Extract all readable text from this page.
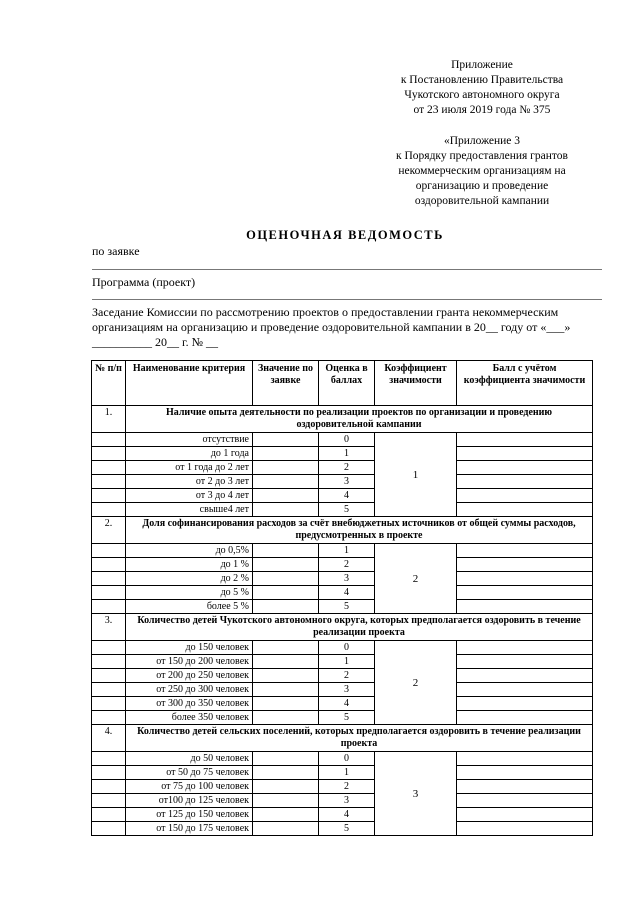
Приложение
к Постановлению Правительства
Чукотского автономного округа
от 23 июля 2019 года № 375
«Приложение 3
к Порядку предоставления грантов
некоммерческим организациям на
организацию и проведение
оздоровительной кампании
ОЦЕНОЧНАЯ ВЕДОМОСТЬ
по заявке
Программа (проект)
Заседание Комиссии по рассмотрению проектов о предоставлении гранта некоммерческим организациям на организацию и проведение оздоровительной кампании в 20__ году от «___» __________ 20__ г. № __
№ п/п	Наименование критерия	Значение по заявке	Оценка в баллах	Коэффициент значимости	Балл с учётом коэффициента значимости
1.	Наличие опыта деятельности по реализации проектов по организации и проведению оздоровительной кампании				
	отсутствие		0	1	
	до 1 года		1		
	от 1 года до 2 лет		2		
	от 2 до 3 лет		3		
	от 3 до 4 лет		4		
	свыше4 лет		5		
2.	Доля софинансирования расходов за счёт внебюджетных источников от общей суммы расходов, предусмотренных в проекте				
	до 0,5%		1	2	
	до 1 %		2		
	до 2 %		3		
	до 5 %		4		
	более 5 %		5		
3.	Количество детей Чукотского автономного округа, которых предполагается оздоровить в течение реализации проекта				
	до 150 человек		0	2	
	от 150 до 200 человек		1		
	от 200 до 250 человек		2		
	от 250 до 300 человек		3		
	от 300 до 350 человек		4		
	более 350 человек		5		
4.	Количество детей сельских поселений, которых предполагается оздоровить в течение реализации проекта				
	до 50 человек		0	3	
	от 50 до 75 человек		1		
	от 75 до 100 человек		2		
	от100 до 125 человек		3		
	от 125 до 150 человек		4		
	от 150 до 175 человек		5		
